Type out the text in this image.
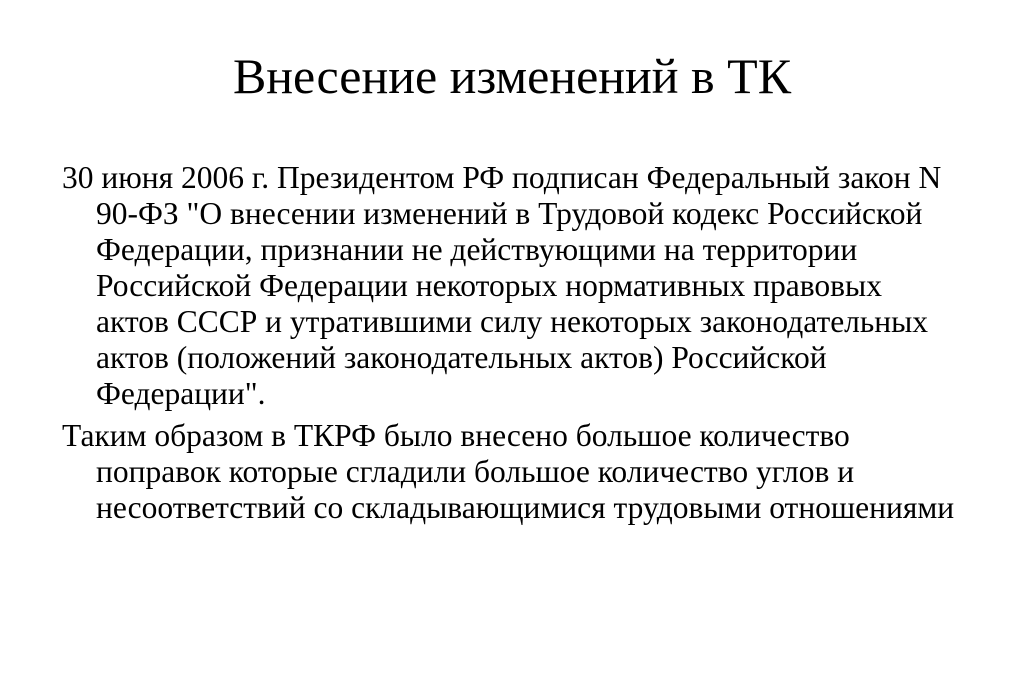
Внесение изменений в ТК
30 июня 2006 г. Президентом РФ подписан Федеральный закон N 90-ФЗ "О внесении изменений в Трудовой кодекс Российской Федерации, признании не действующими на территории Российской Федерации некоторых нормативных правовых актов СССР и утратившими силу некоторых законодательных актов (положений законодательных актов) Российской Федерации".
Таким образом в ТКРФ было внесено большое количество поправок которые сгладили большое количество углов и несоответствий со складывающимися трудовыми отношениями
